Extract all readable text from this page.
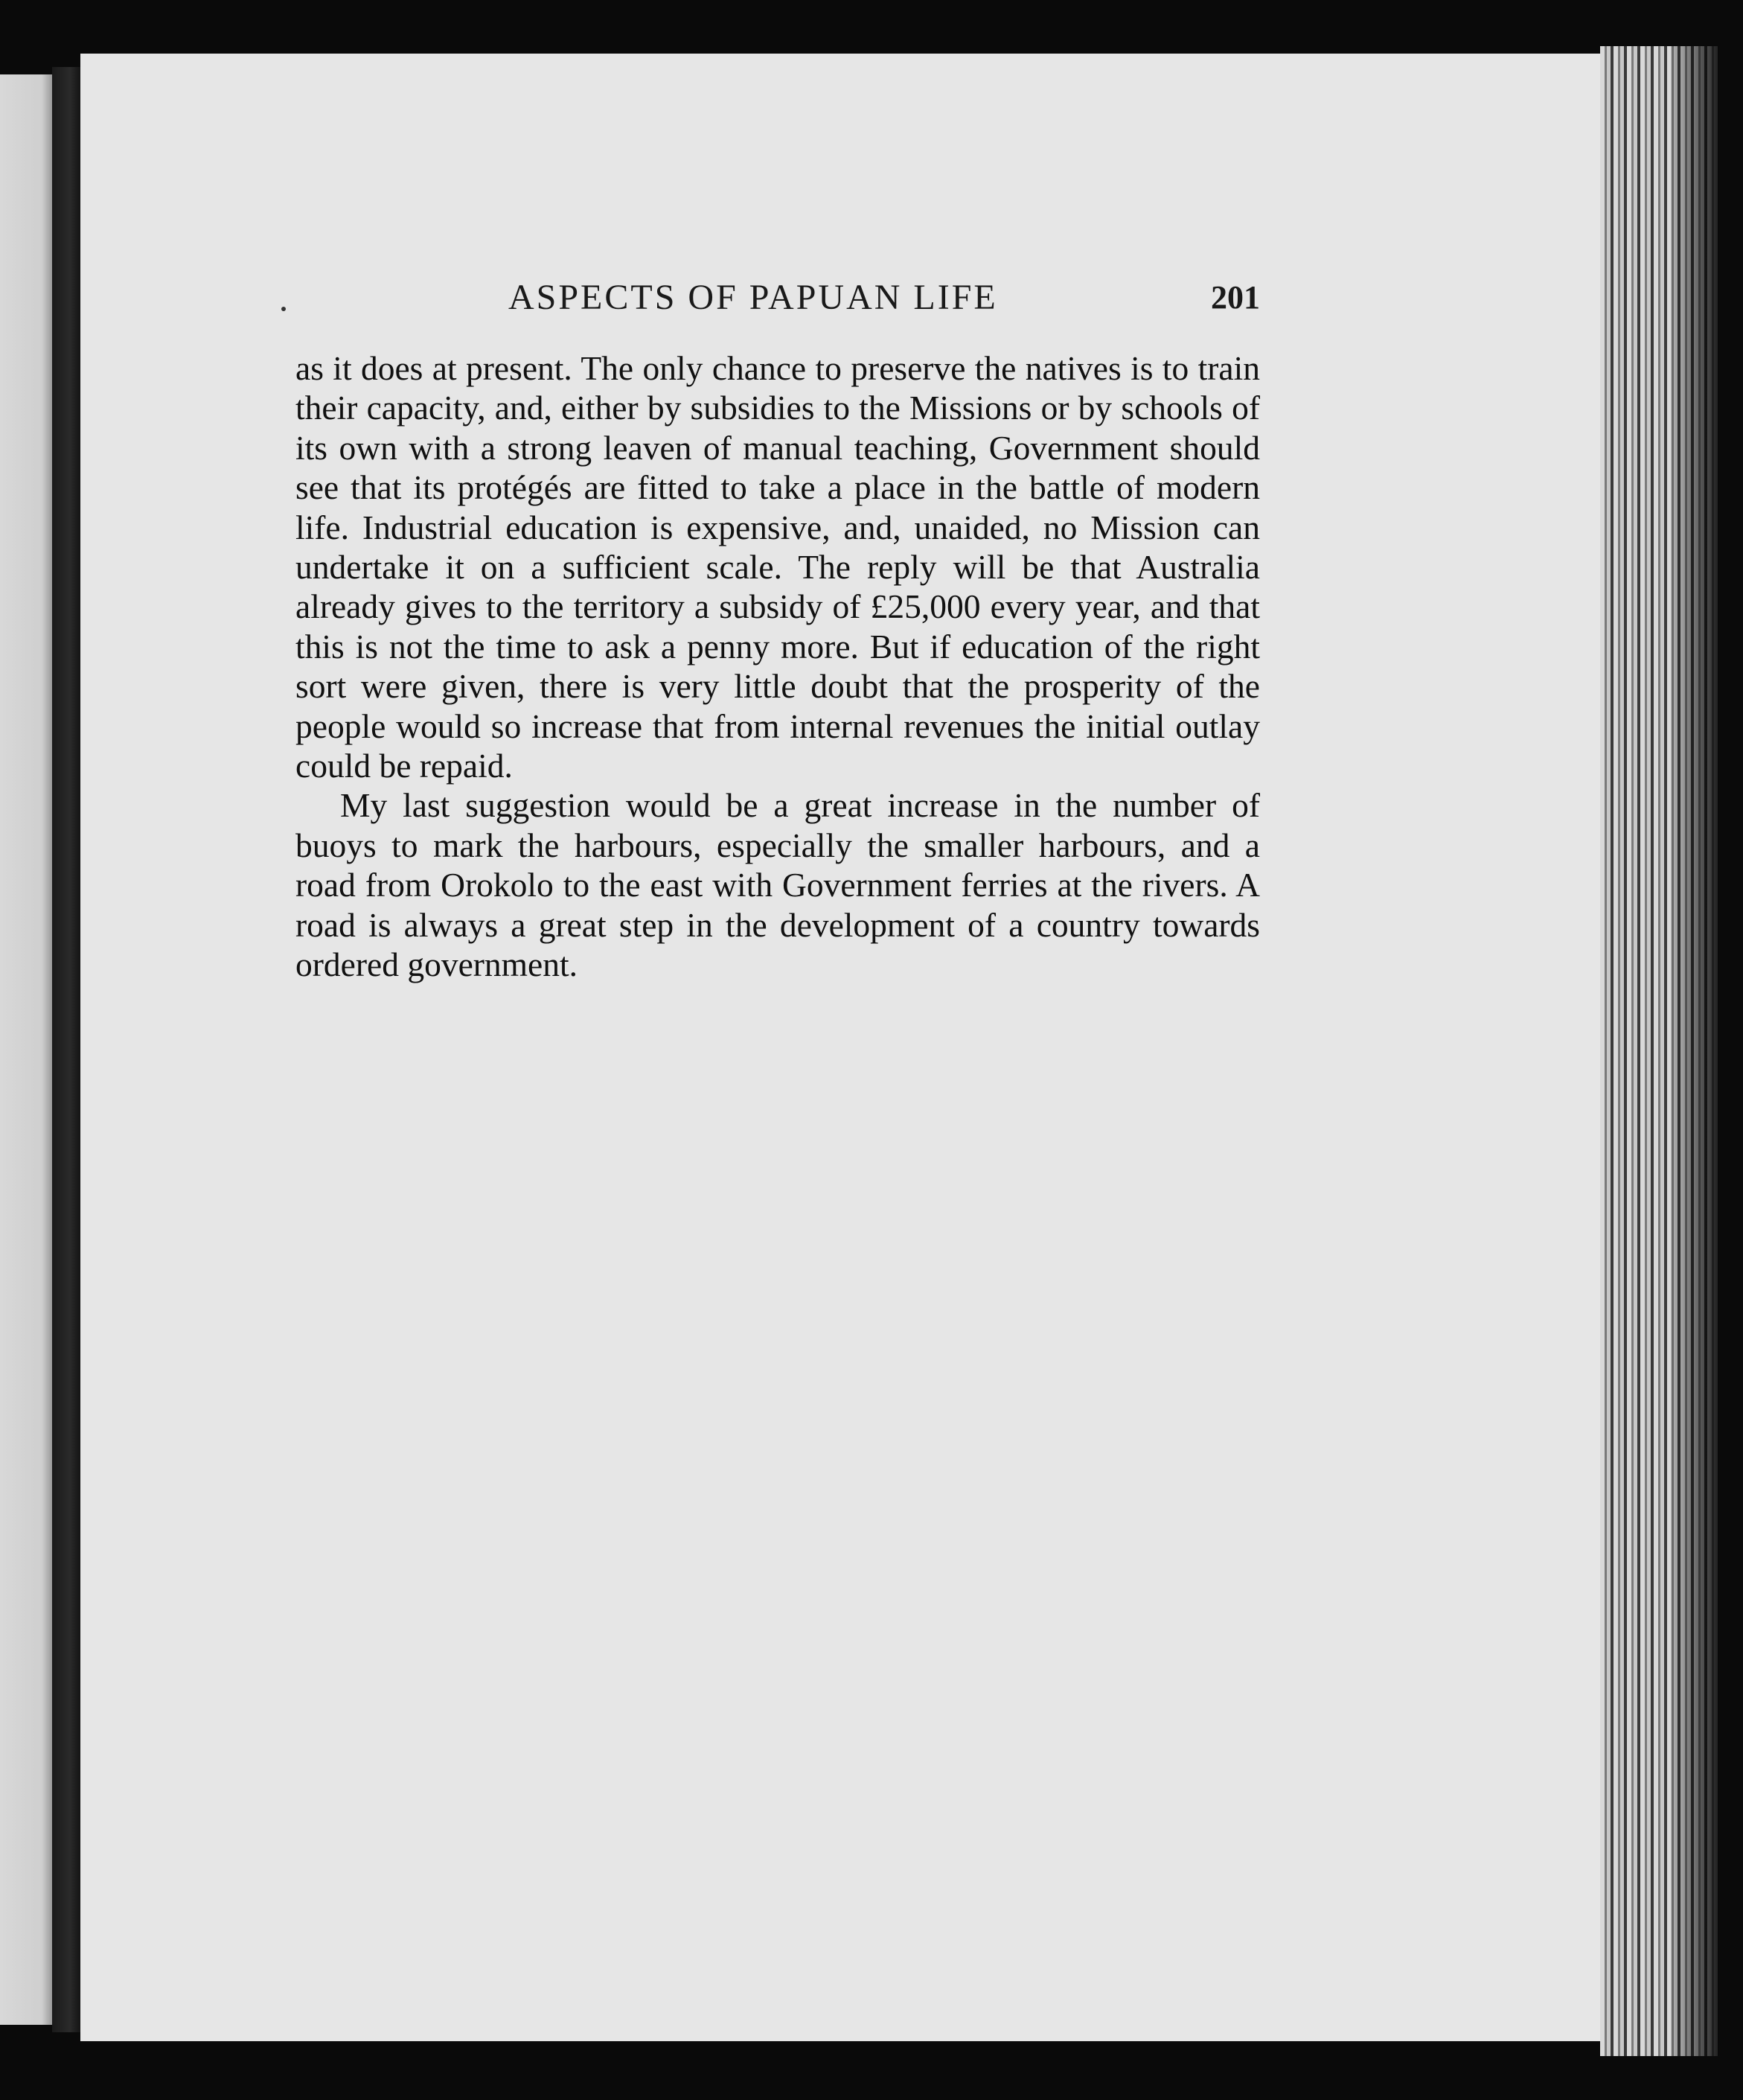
ASPECTS OF PAPUAN LIFE	201

as it does at present. The only chance to preserve the natives is to train their capacity, and, either by subsidies to the Missions or by schools of its own with a strong leaven of manual teaching, Government should see that its protégés are fitted to take a place in the battle of modern life. Industrial education is expensive, and, unaided, no Mission can undertake it on a sufficient scale. The reply will be that Australia already gives to the territory a subsidy of £25,000 every year, and that this is not the time to ask a penny more. But if education of the right sort were given, there is very little doubt that the prosperity of the people would so increase that from internal revenues the initial outlay could be repaid.

My last suggestion would be a great increase in the number of buoys to mark the harbours, especially the smaller harbours, and a road from Orokolo to the east with Government ferries at the rivers. A road is always a great step in the development of a country towards ordered government.
